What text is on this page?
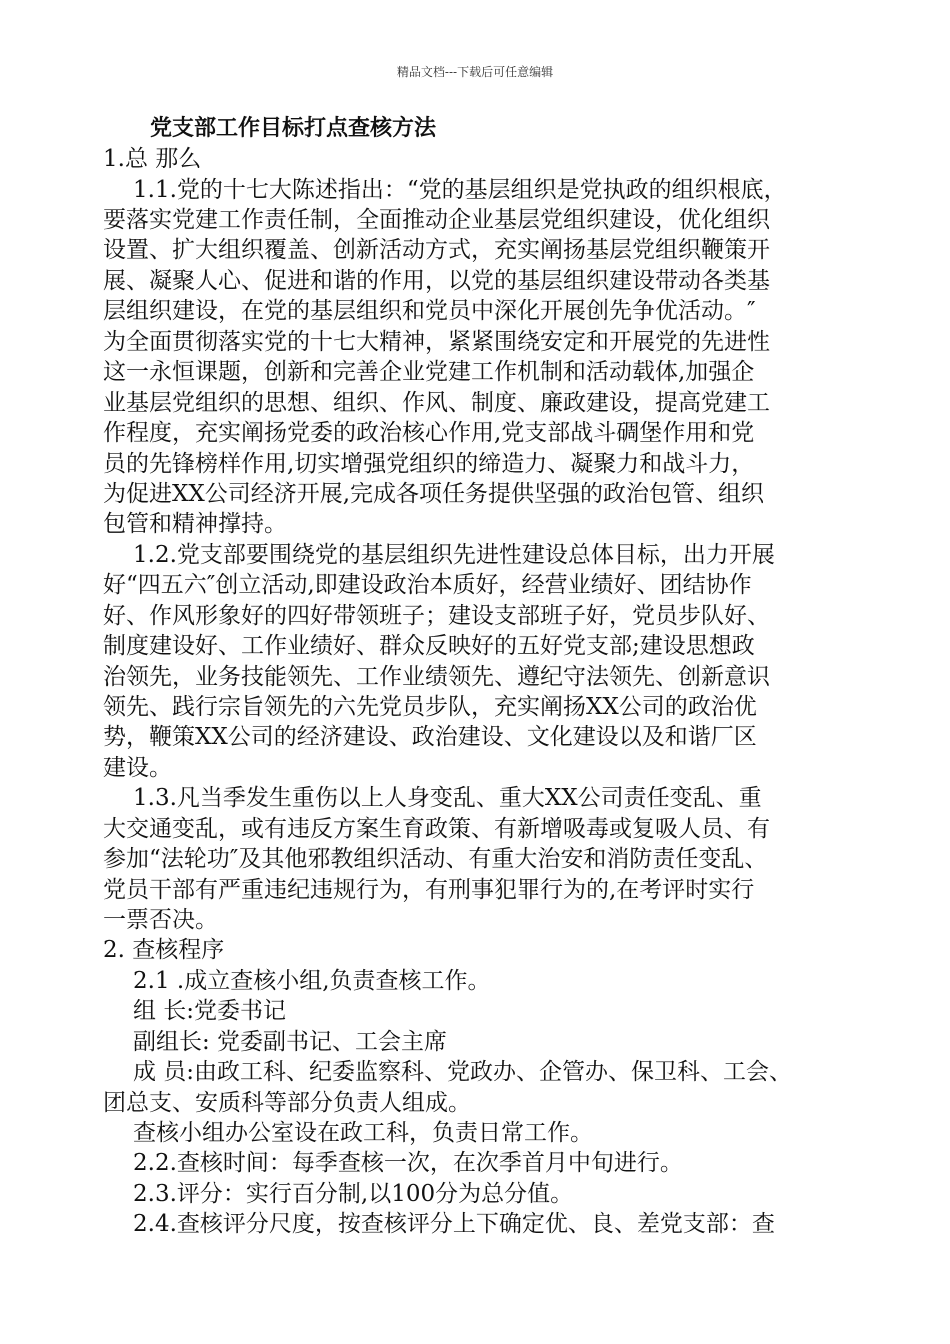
精品文档---下载后可任意编辑
党支部工作目标打点查核方法
1.总 那么
1.1.党的十七大陈述指出：“党的基层组织是党执政的组织根底，
要落实党建工作责任制，全面推动企业基层党组织建设，优化组织
设置、扩大组织覆盖、创新活动方式，充实阐扬基层党组织鞭策开
展、凝聚人心、促进和谐的作用，以党的基层组织建设带动各类基
层组织建设，在党的基层组织和党员中深化开展创先争优活动。″
为全面贯彻落实党的十七大精神，紧紧围绕安定和开展党的先进性
这一永恒课题，创新和完善企业党建工作机制和活动载体,加强企
业基层党组织的思想、组织、作风、制度、廉政建设，提高党建工
作程度，充实阐扬党委的政治核心作用,党支部战斗碉堡作用和党
员的先锋榜样作用,切实增强党组织的缔造力、凝聚力和战斗力，
为促进XX公司经济开展,完成各项任务提供坚强的政治包管、组织
包管和精神撑持。
1.2.党支部要围绕党的基层组织先进性建设总体目标，出力开展
好“四五六″创立活动,即建设政治本质好，经营业绩好、团结协作
好、作风形象好的四好带领班子；建设支部班子好，党员步队好、
制度建设好、工作业绩好、群众反映好的五好党支部;建设思想政
治领先，业务技能领先、工作业绩领先、遵纪守法领先、创新意识
领先、践行宗旨领先的六先党员步队，充实阐扬XX公司的政治优
势，鞭策XX公司的经济建设、政治建设、文化建设以及和谐厂区
建设。
1.3.凡当季发生重伤以上人身变乱、重大XX公司责任变乱、重
大交通变乱，或有违反方案生育政策、有新增吸毒或复吸人员、有
参加“法轮功″及其他邪教组织活动、有重大治安和消防责任变乱、
党员干部有严重违纪违规行为，有刑事犯罪行为的,在考评时实行
一票否决。
2. 查核程序
2.1 .成立查核小组,负责查核工作。
组 长:党委书记
副组长: 党委副书记、工会主席
成 员:由政工科、纪委监察科、党政办、企管办、保卫科、工会、
团总支、安质科等部分负责人组成。
查核小组办公室设在政工科，负责日常工作。
2.2.查核时间：每季查核一次，在次季首月中旬进行。
2.3.评分：实行百分制,以100分为总分值。
2.4.查核评分尺度，按查核评分上下确定优、良、差党支部：查
